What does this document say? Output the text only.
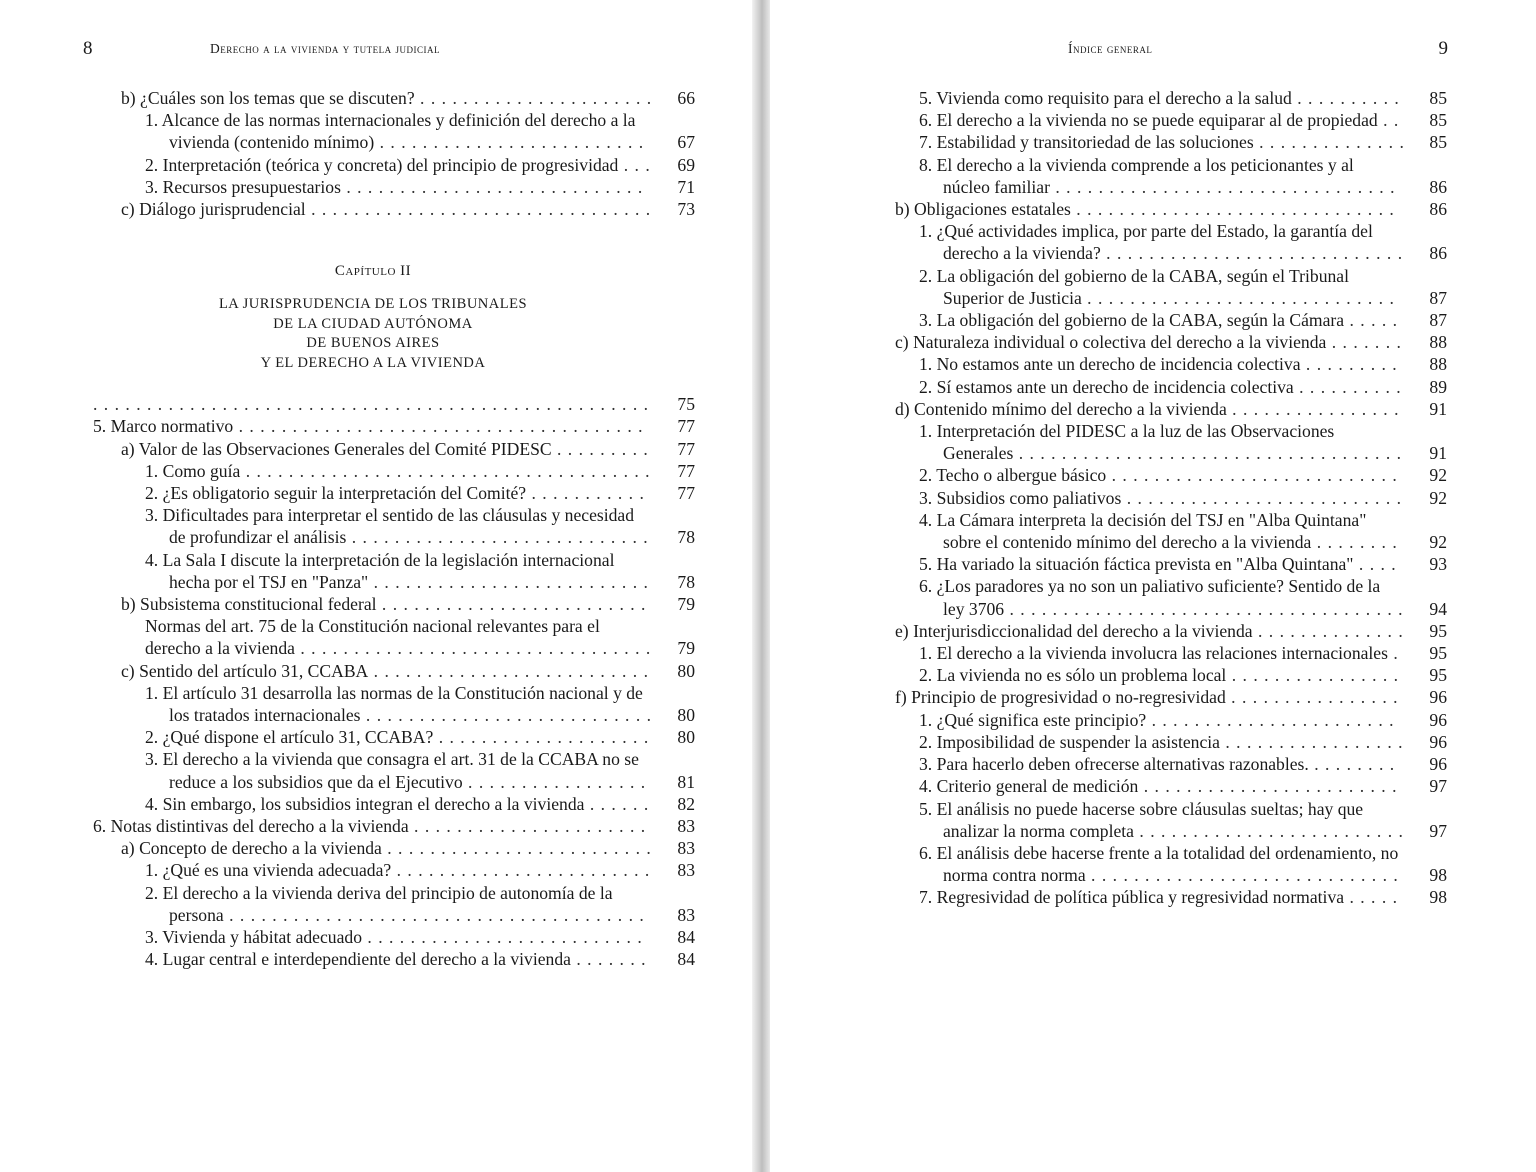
8	Derecho a la vivienda y tutela judicial
b) ¿Cuáles son los temas que se discuten? . . . . . . . . . . . . . . . . . . . . . .	66
1. Alcance de las normas internacionales y definición del derecho a la vivienda (contenido mínimo) . . . . . . . . . . . . . . . . . . . . . . . . .	67
2. Interpretación (teórica y concreta) del principio de progresividad . . .	69
3. Recursos presupuestarios . . . . . . . . . . . . . . . . . . . . . . . . . . . .	71
c) Diálogo jurisprudencial . . . . . . . . . . . . . . . . . . . . . . . . . . . . . . . .	73
Capítulo II
LA JURISPRUDENCIA DE LOS TRIBUNALES
DE LA CIUDAD AUTÓNOMA
DE BUENOS AIRES
Y EL DERECHO A LA VIVIENDA
. . . . . . . . . . . . . . . . . . . . . . . . . . . . . . . . . . . . . . . . . . . . . . . . . . . .	75
5. Marco normativo . . . . . . . . . . . . . . . . . . . . . . . . . . . . . . . . . . . . . .	77
a) Valor de las Observaciones Generales del Comité PIDESC . . . . . . . . .	77
1. Como guía . . . . . . . . . . . . . . . . . . . . . . . . . . . . . . . . . . . . . .	77
2. ¿Es obligatorio seguir la interpretación del Comité? . . . . . . . . . . .	77
3. Dificultades para interpretar el sentido de las cláusulas y necesidad de profundizar el análisis . . . . . . . . . . . . . . . . . . . . . . . . . . . .	78
4. La Sala I discute la interpretación de la legislación internacional hecha por el TSJ en "Panza" . . . . . . . . . . . . . . . . . . . . . . . . . .	78
b) Subsistema constitucional federal . . . . . . . . . . . . . . . . . . . . . . . . .	79
Normas del art. 75 de la Constitución nacional relevantes para el derecho a la vivienda . . . . . . . . . . . . . . . . . . . . . . . . . . . . . . . . .	79
c) Sentido del artículo 31, CCABA . . . . . . . . . . . . . . . . . . . . . . . . . .	80
1. El artículo 31 desarrolla las normas de la Constitución nacional y de los tratados internacionales . . . . . . . . . . . . . . . . . . . . . . . . . . .	80
2. ¿Qué dispone el artículo 31, CCABA? . . . . . . . . . . . . . . . . . . . .	80
3. El derecho a la vivienda que consagra el art. 31 de la CCABA no se reduce a los subsidios que da el Ejecutivo . . . . . . . . . . . . . . . . .	81
4. Sin embargo, los subsidios integran el derecho a la vivienda . . . . . .	82
6. Notas distintivas del derecho a la vivienda . . . . . . . . . . . . . . . . . . . . . .	83
a) Concepto de derecho a la vivienda . . . . . . . . . . . . . . . . . . . . . . . . .	83
1. ¿Qué es una vivienda adecuada? . . . . . . . . . . . . . . . . . . . . . . . .	83
2. El derecho a la vivienda deriva del principio de autonomía de la persona . . . . . . . . . . . . . . . . . . . . . . . . . . . . . . . . . . . . . . .	83
3. Vivienda y hábitat adecuado . . . . . . . . . . . . . . . . . . . . . . . . . .	84
4. Lugar central e interdependiente del derecho a la vivienda . . . . . . .	84
9
Índice general
5. Vivienda como requisito para el derecho a la salud . . . . . . . . . .	85
6. El derecho a la vivienda no se puede equiparar al de propiedad . .	85
7. Estabilidad y transitoriedad de las soluciones . . . . . . . . . . . . . .	85
8. El derecho a la vivienda comprende a los peticionantes y al núcleo familiar . . . . . . . . . . . . . . . . . . . . . . . . . . . . . . . .	86
b) Obligaciones estatales . . . . . . . . . . . . . . . . . . . . . . . . . . . . . .	86
1. ¿Qué actividades implica, por parte del Estado, la garantía del derecho a la vivienda? . . . . . . . . . . . . . . . . . . . . . . . . . . . .	86
2. La obligación del gobierno de la CABA, según el Tribunal Superior de Justicia . . . . . . . . . . . . . . . . . . . . . . . . . . . . .	87
3. La obligación del gobierno de la CABA, según la Cámara . . . . .	87
c) Naturaleza individual o colectiva del derecho a la vivienda . . . . . . .	88
1. No estamos ante un derecho de incidencia colectiva . . . . . . . . .	88
2. Sí estamos ante un derecho de incidencia colectiva . . . . . . . . . .	89
d) Contenido mínimo del derecho a la vivienda . . . . . . . . . . . . . . . .	91
1. Interpretación del PIDESC a la luz de las Observaciones Generales . . . . . . . . . . . . . . . . . . . . . . . . . . . . . . . . . . . .	91
2. Techo o albergue básico . . . . . . . . . . . . . . . . . . . . . . . . . . .	92
3. Subsidios como paliativos . . . . . . . . . . . . . . . . . . . . . . . . . .	92
4. La Cámara interpreta la decisión del TSJ en "Alba Quintana" sobre el contenido mínimo del derecho a la vivienda . . . . . . . .	92
5. Ha variado la situación fáctica prevista en "Alba Quintana" . . . .	93
6. ¿Los paradores ya no son un paliativo suficiente? Sentido de la ley 3706 . . . . . . . . . . . . . . . . . . . . . . . . . . . . . . . . . . . . .	94
e) Interjurisdiccionalidad del derecho a la vivienda . . . . . . . . . . . . . .	95
1. El derecho a la vivienda involucra las relaciones internacionales .	95
2. La vivienda no es sólo un problema local . . . . . . . . . . . . . . . .	95
f) Principio de progresividad o no-regresividad . . . . . . . . . . . . . . . .	96
1. ¿Qué significa este principio? . . . . . . . . . . . . . . . . . . . . . . .	96
2. Imposibilidad de suspender la asistencia . . . . . . . . . . . . . . . . .	96
3. Para hacerlo deben ofrecerse alternativas razonables. . . . . . . . .	96
4. Criterio general de medición . . . . . . . . . . . . . . . . . . . . . . . .	97
5. El análisis no puede hacerse sobre cláusulas sueltas; hay que analizar la norma completa . . . . . . . . . . . . . . . . . . . . . . . . .	97
6. El análisis debe hacerse frente a la totalidad del ordenamiento, no norma contra norma . . . . . . . . . . . . . . . . . . . . . . . . . . . . .	98
7. Regresividad de política pública y regresividad normativa . . . . .	98
